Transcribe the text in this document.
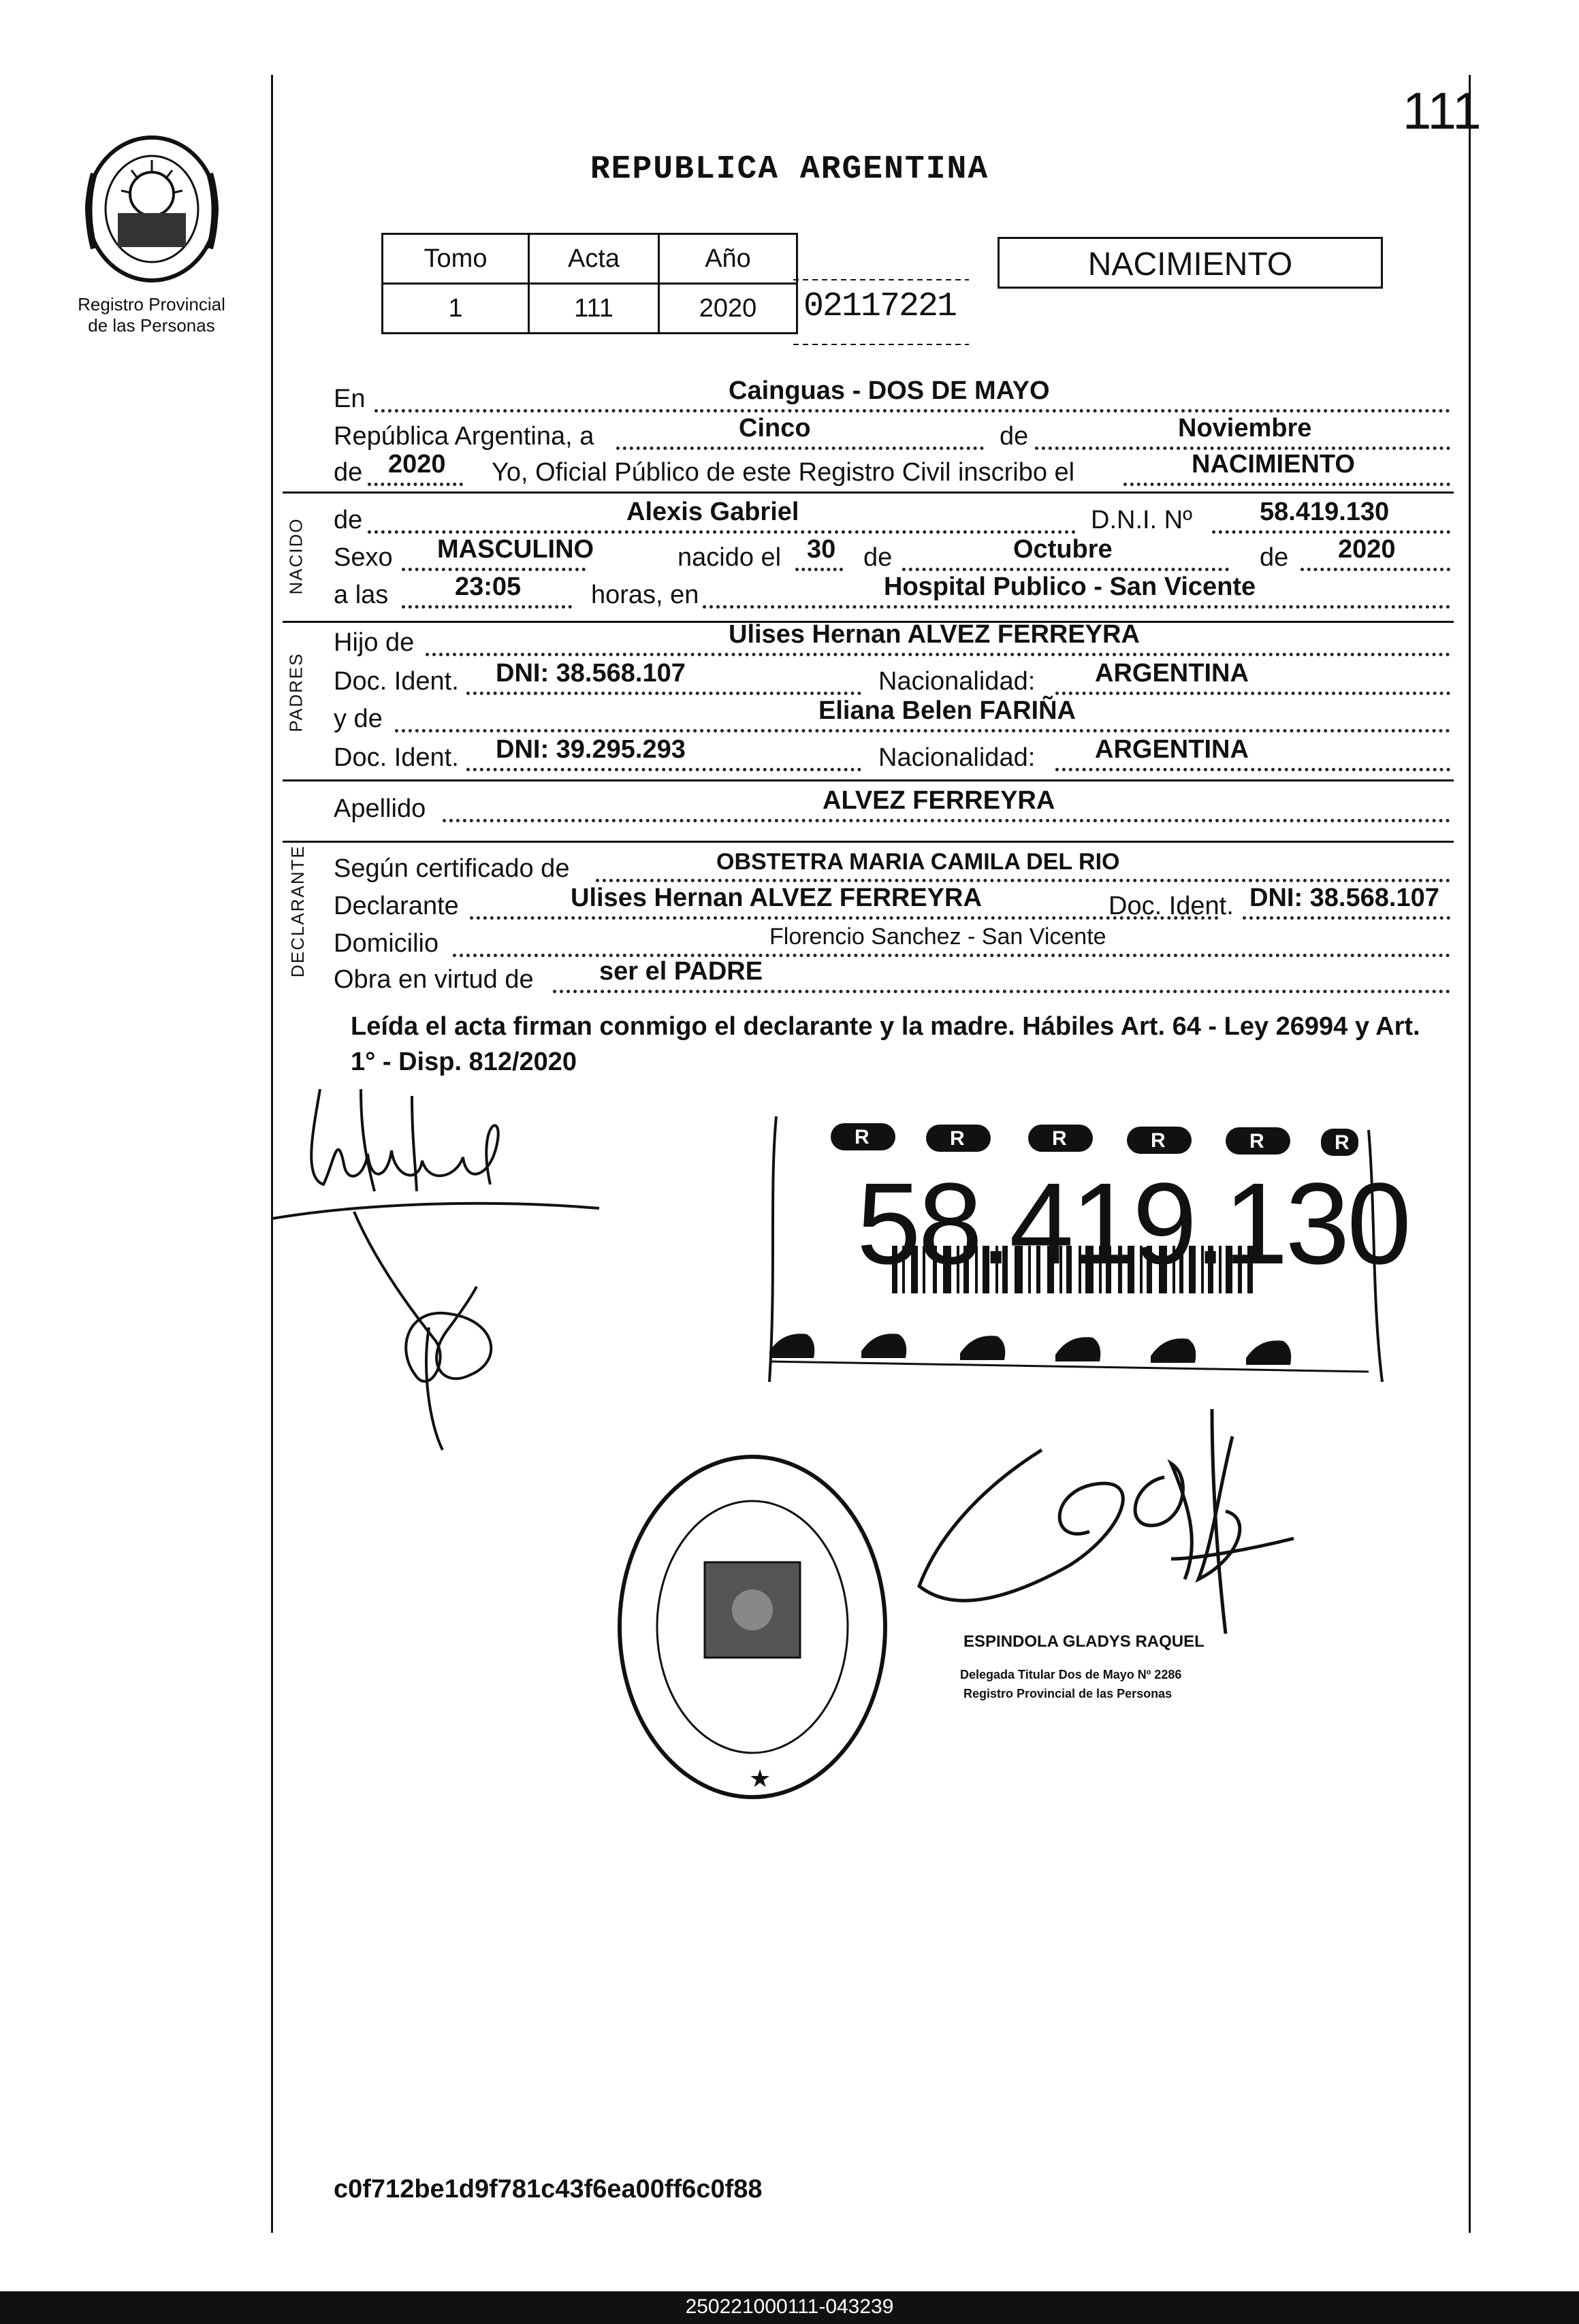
111
Registro Provincial
de las Personas
REPUBLICA ARGENTINA
Tomo	Acta	Año
1	111	2020 02117221
NACIMIENTO
En	Cainguas - DOS DE MAYO
República Argentina, a	Cinco	de	Noviembre
de 2020 Yo, Oficial Público de este Registro Civil inscribo el	NACIMIENTO
NACIDO de	Alexis Gabriel	D.N.I. Nº	58.419.130
Sexo MASCULINO	nacido el 30 de	Octubre	de 2020
a las	23:05	horas, en	Hospital Publico - San Vicente
PADRES
Hijo de	Ulises Hernan ALVEZ FERREYRA
Doc. Ident. DNI: 38.568.107	Nacionalidad: ARGENTINA
y de	Eliana Belen FARIÑA
Doc. Ident. DNI: 39.295.293	Nacionalidad: ARGENTINA
Apellido	ALVEZ FERREYRA
DECLARANTE Según certificado de	OBSTETRA MARIA CAMILA DEL RIO
Declarante	Ulises Hernan ALVEZ FERREYRA	Doc. Ident. DNI: 38.568.107
Domicilio	Florencio Sanchez - San Vicente
Obra en virtud de	ser el PADRE
Leída el acta firman conmigo el declarante y la madre. Hábiles Art. 64 - Ley 26994 y Art. 1° - Disp. 812/2020
R	R	R	R	R	R
58.419.130
★
ESPINDOLA GLADYS RAQUEL
Delegada Titular Dos de Mayo Nº 2286
Registro Provincial de las Personas
c0f712be1d9f781c43f6ea00ff6c0f88
250221000111-043239
